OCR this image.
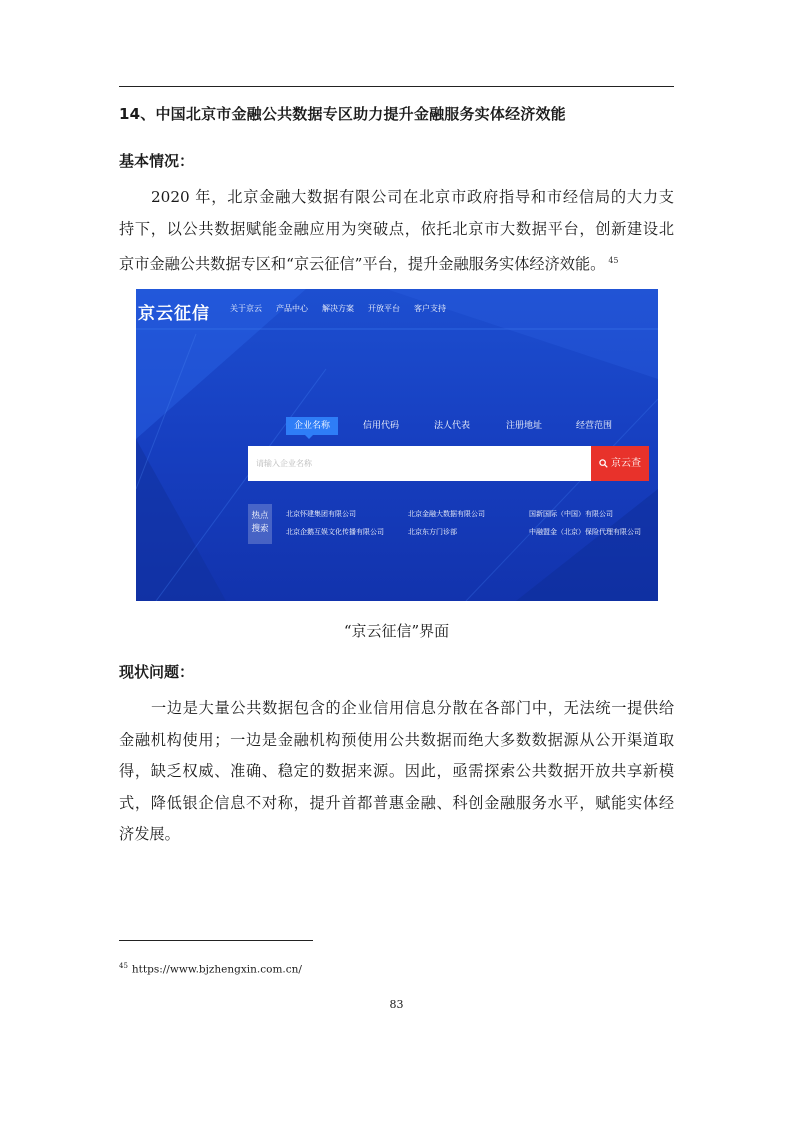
14、中国北京市金融公共数据专区助力提升金融服务实体经济效能
基本情况：
2020 年，北京金融大数据有限公司在北京市政府指导和市经信局的大力支
持下，以公共数据赋能金融应用为突破点，依托北京市大数据平台，创新建设北
京市金融公共数据专区和“京云征信”平台，提升金融服务实体经济效能。 $^{45}$
京云征信	关于京云 产品中心 解决方案 开放平台 客户支持
企业名称	信用代码	法人代表	注册地址	经营范围
请输入企业名称	京云查
热点
搜索
北京怀建集团有限公司	北京金融大数据有限公司	国新国际（中国）有限公司
北京企鹅互娱文化传播有限公司	北京东方门诊部	中融盟金（北京）保险代理有限公司
“京云征信”界面
现状问题：
一边是大量公共数据包含的企业信用信息分散在各部门中，无法统一提供给
金融机构使用；一边是金融机构预使用公共数据而绝大多数数据源从公开渠道取
得，缺乏权威、准确、稳定的数据来源。因此，亟需探索公共数据开放共享新模
式，降低银企信息不对称，提升首都普惠金融、科创金融服务水平，赋能实体经
济发展。
$^{45}$ https://www.bjzhengxin.com.cn/
83
